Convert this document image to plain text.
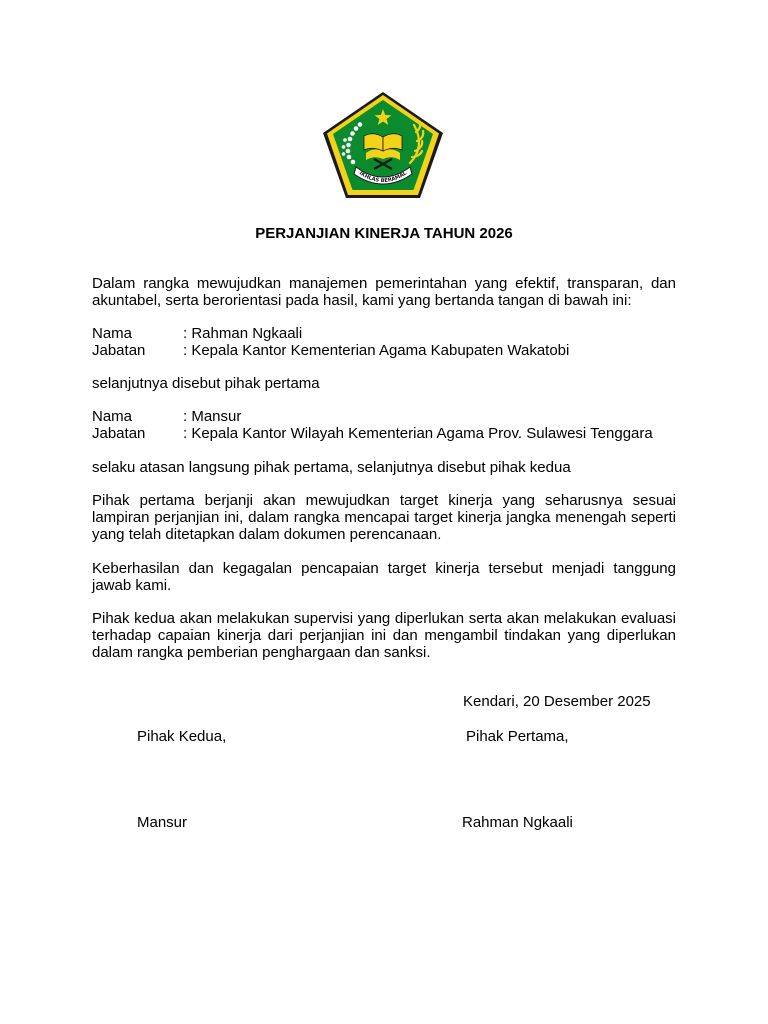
IKHLAS BERAMAL
PERJANJIAN KINERJA TAHUN 2026

Dalam rangka mewujudkan manajemen pemerintahan yang efektif, transparan, dan akuntabel, serta berorientasi pada hasil, kami yang bertanda tangan di bawah ini:

Nama	: Rahman Ngkaali
Jabatan	: Kepala Kantor Kementerian Agama Kabupaten Wakatobi
selanjutnya disebut pihak pertama
Nama	: Mansur
Jabatan	: Kepala Kantor Wilayah Kementerian Agama Prov. Sulawesi Tenggara
selaku atasan langsung pihak pertama, selanjutnya disebut pihak kedua

Pihak pertama berjanji akan mewujudkan target kinerja yang seharusnya sesuai lampiran perjanjian ini, dalam rangka mencapai target kinerja jangka menengah seperti yang telah ditetapkan dalam dokumen perencanaan.

Keberhasilan dan kegagalan pencapaian target kinerja tersebut menjadi tanggung jawab kami.

Pihak kedua akan melakukan supervisi yang diperlukan serta akan melakukan evaluasi terhadap capaian kinerja dari perjanjian ini dan mengambil tindakan yang diperlukan dalam rangka pemberian penghargaan dan sanksi.

Kendari, 20 Desember 2025
Pihak Kedua,	Pihak Pertama,
Mansur	Rahman Ngkaali
